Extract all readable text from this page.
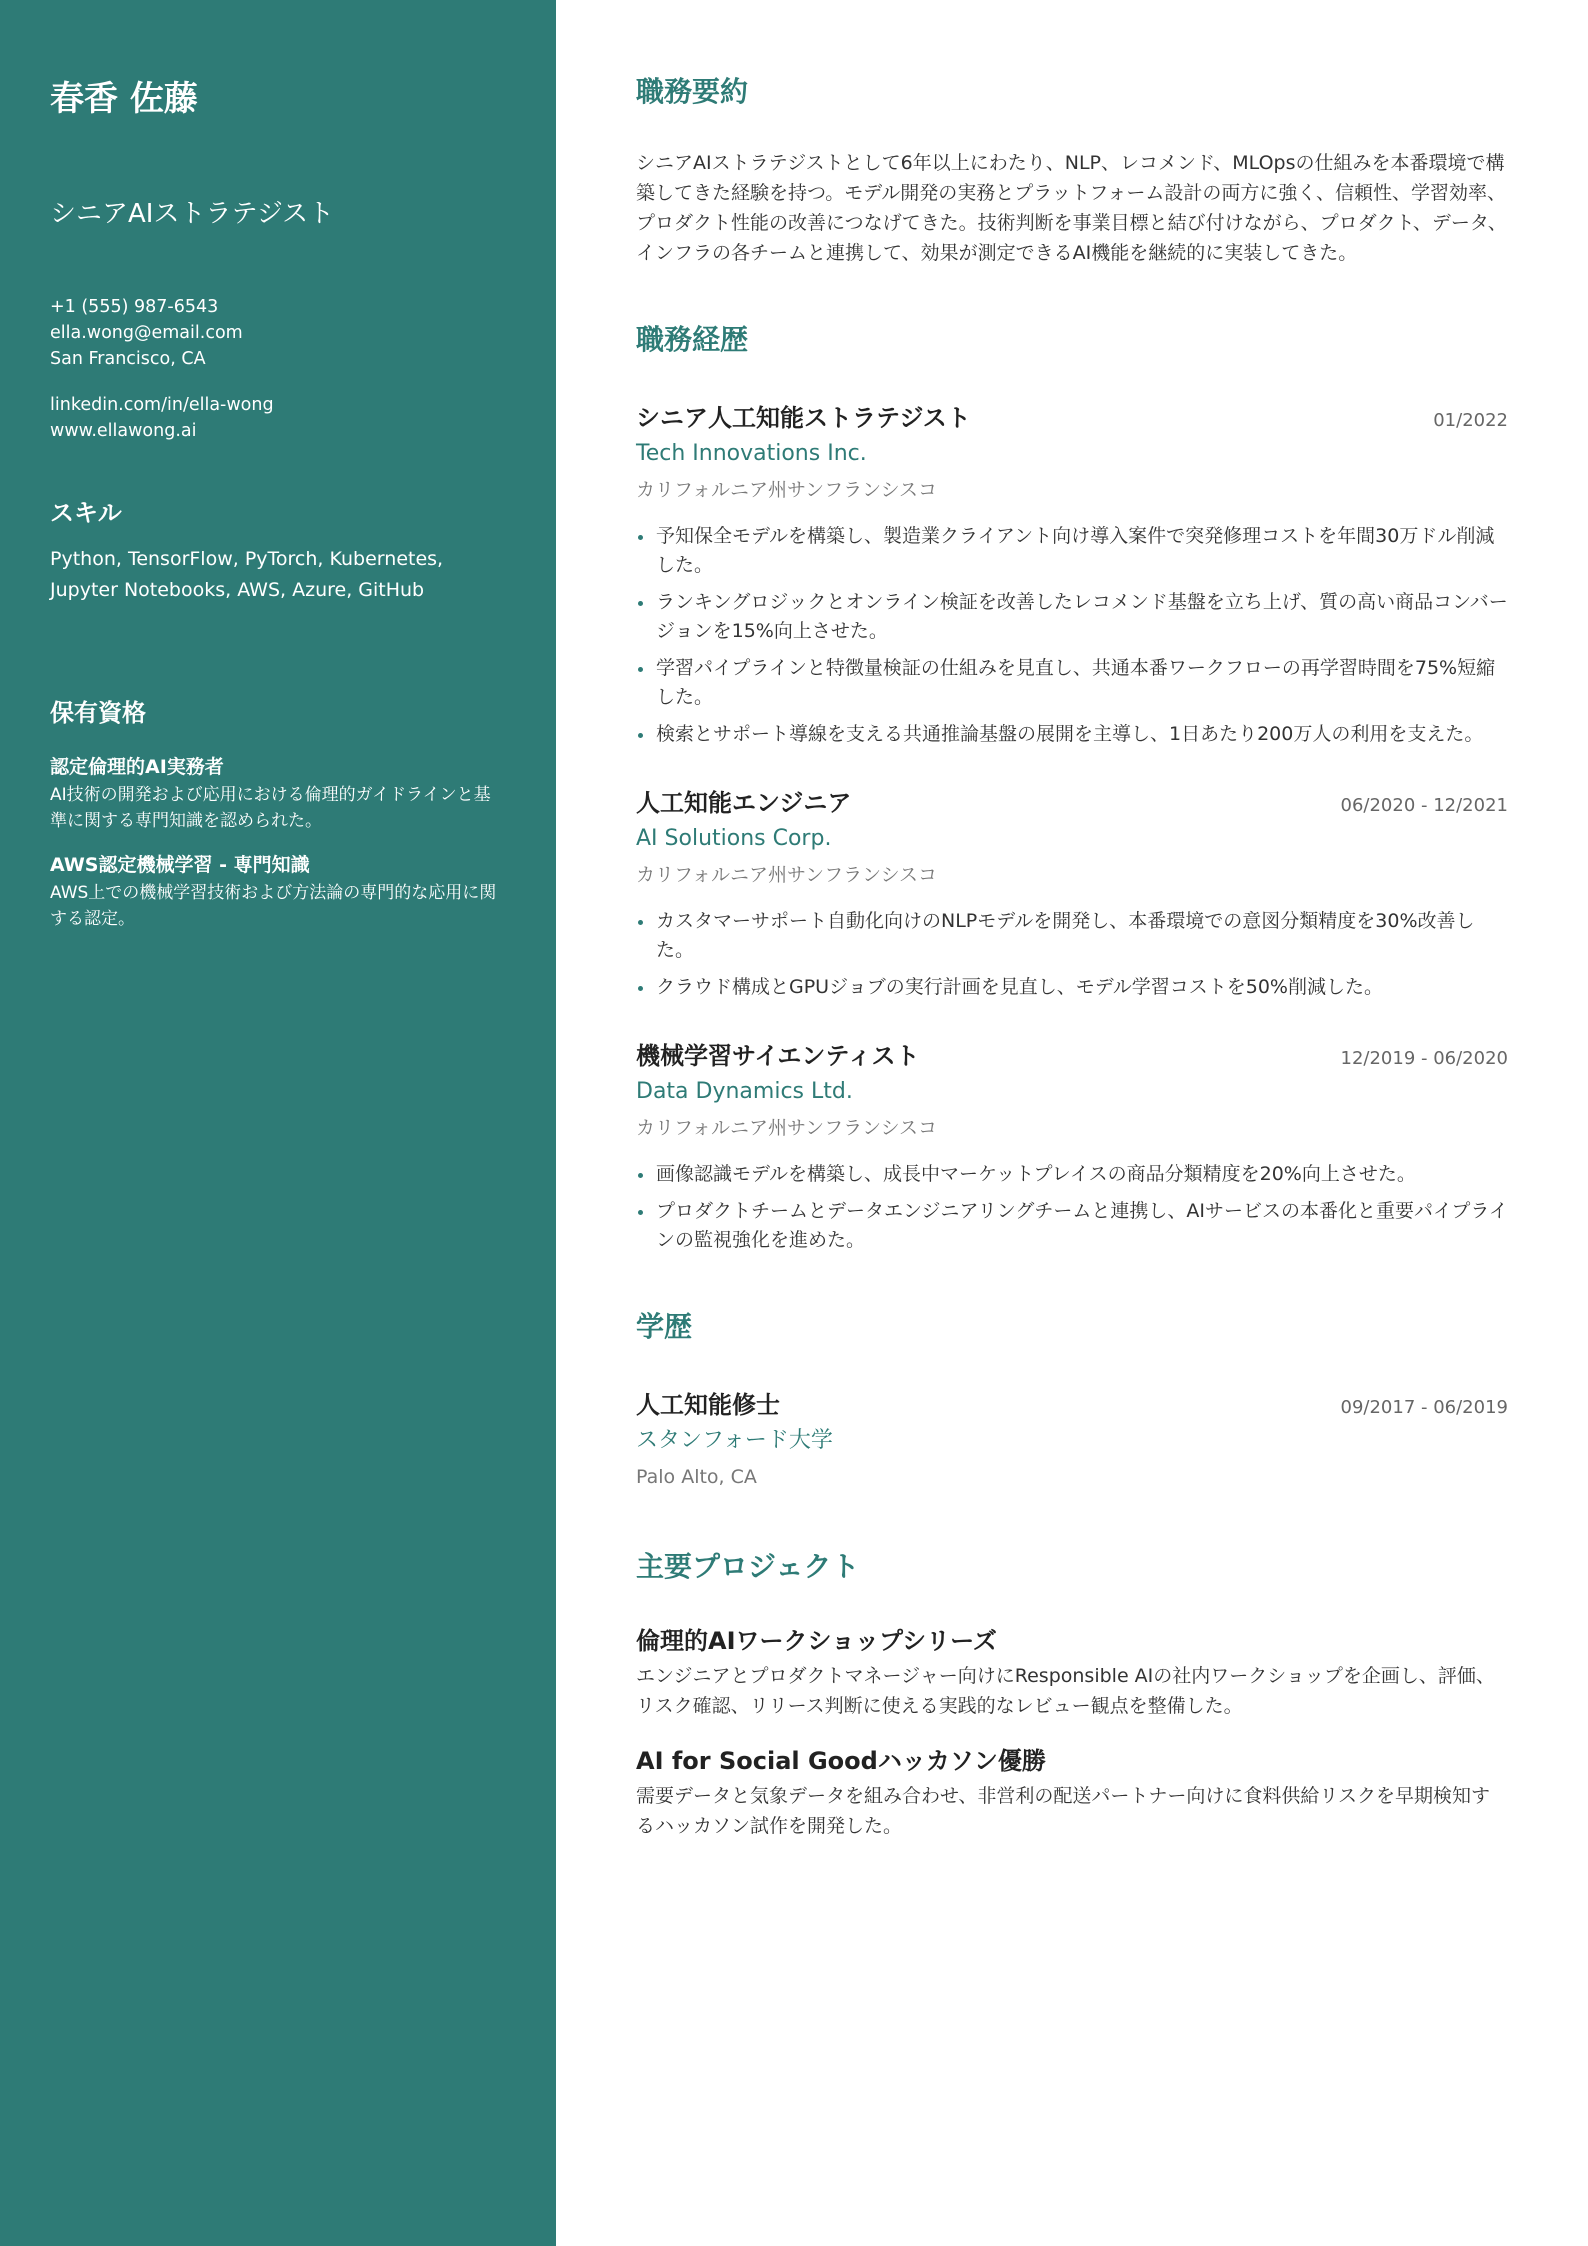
春香 佐藤
シニアAIストラテジスト
+1 (555) 987-6543
ella.wong@email.com
San Francisco, CA
linkedin.com/in/ella-wong
www.ellawong.ai
スキル
Python, TensorFlow, PyTorch, Kubernetes, Jupyter Notebooks, AWS, Azure, GitHub
保有資格
認定倫理的AI実務者
AI技術の開発および応用における倫理的ガイドラインと基準に関する専門知識を認められた。
AWS認定機械学習 - 専門知識
AWS上での機械学習技術および方法論の専門的な応用に関する認定。
職務要約
シニアAIストラテジストとして6年以上にわたり、NLP、レコメンド、MLOpsの仕組みを本番環境で構築してきた経験を持つ。モデル開発の実務とプラットフォーム設計の両方に強く、信頼性、学習効率、プロダクト性能の改善につなげてきた。技術判断を事業目標と結び付けながら、プロダクト、データ、インフラの各チームと連携して、効果が測定できるAI機能を継続的に実装してきた。
職務経歴
シニア人工知能ストラテジスト	01/2022
Tech Innovations Inc.
カリフォルニア州サンフランシスコ
予知保全モデルを構築し、製造業クライアント向け導入案件で突発修理コストを年間30万ドル削減した。
ランキングロジックとオンライン検証を改善したレコメンド基盤を立ち上げ、質の高い商品コンバージョンを15%向上させた。
学習パイプラインと特徴量検証の仕組みを見直し、共通本番ワークフローの再学習時間を75%短縮した。
検索とサポート導線を支える共通推論基盤の展開を主導し、1日あたり200万人の利用を支えた。
人工知能エンジニア	06/2020 - 12/2021
AI Solutions Corp.
カリフォルニア州サンフランシスコ
カスタマーサポート自動化向けのNLPモデルを開発し、本番環境での意図分類精度を30%改善した。
クラウド構成とGPUジョブの実行計画を見直し、モデル学習コストを50%削減した。
機械学習サイエンティスト	12/2019 - 06/2020
Data Dynamics Ltd.
カリフォルニア州サンフランシスコ
画像認識モデルを構築し、成長中マーケットプレイスの商品分類精度を20%向上させた。
プロダクトチームとデータエンジニアリングチームと連携し、AIサービスの本番化と重要パイプラインの監視強化を進めた。
学歴
人工知能修士	09/2017 - 06/2019
スタンフォード大学
Palo Alto, CA
主要プロジェクト
倫理的AIワークショップシリーズ
エンジニアとプロダクトマネージャー向けにResponsible AIの社内ワークショップを企画し、評価、リスク確認、リリース判断に使える実践的なレビュー観点を整備した。
AI for Social Goodハッカソン優勝
需要データと気象データを組み合わせ、非営利の配送パートナー向けに食料供給リスクを早期検知するハッカソン試作を開発した。
